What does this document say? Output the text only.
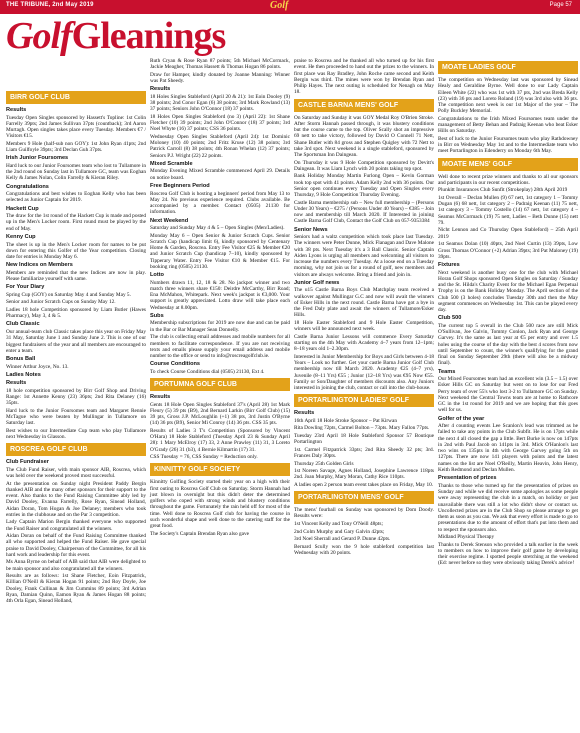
THE TRIBUNE, 2nd May 2019	Golf	Page 57
GolfGleanings
BIRR GOLF CLUB

Results

Tuesday Open Singles sponsored by Hassett's Topline: 1st Colin Farrelly 39pts; 2nd James Sullivan 37pts (countback); 3rd Aaron Murtagh. Open singles takes place every Tuesday. Members €7 / Visitors €15.

Members 9 Hole (half-sub non GOY): 1st John Ryan 41pts; 2nd Liam Guilfoyle 39pts; 3rd Declan Guh 37pts.

Irish Junior Foursomes

Hard luck to our Junior Foursomes team who lost to Tullamore in the 2nd round on Sunday last in Tullamore GC, team was Eoghan Kelly & James Nolan, Colin Farrelly & Kieran Riley.

Congratulations

Congratulations and best wishes to Eoghan Kelly who has been selected as Junior Captain for 2019.

Hackett Cup

The draw for the 1st round of the Hackett Cup is made and posted up in the Men's Locker room. First round must be played by the end of May.

Kenny Cup

The sheet is up in the Men's Locker room for names to be put down for entering this Golfer of the Year competition. Closing date for entries is Monday May 6.

New Indices on Members

Members are reminded that the new Indices are now in play. Please familiarize yourself with same.

For Your Diary

Spring Cup (GOY) on Saturday May 4 and Sunday May 5.

Senior and Junior Scratch Cups on Sunday May 12.

Ladies 18 hole Competition sponsored by Liam Butler (Hawes Pharmacy), May 3, 4 & 5.

Club Classic

Our annual-team club Classic takes place this year on Friday May 31 May, Saturday June 1 and Sunday June 2. This is one of our biggest fundraisers of the year and all members are encouraged to enter a team.

Bonus Ball

Winner Arthur Joyce, No. 13.

Ladies Notes

Results

18 hole competition sponsored by Birr Golf Shop and Driving Range: 1st Annette Kenny (23) 36pts; 2nd Rita Delaney (16) 35pts.

Hard luck to the Junior Foursomes team and Margaret Rennie McTague who were beaten by Mullingar in Tullamore on Saturday last.

Best wishes to our Intermediate Cup team who play Tullamore next Wednesday in Glasson.

ROSCREA GOLF CLUB

Club Fundraiser

The Club Fund Raiser, with main sponsor AIB, Roscrea, which was held over the weekend proved most successful.

At the presentation on Sunday night President Paddy Bergin thanked AIB and the many other sponsors for their support to the event. Also thanks to the Fund Raising Committee ably led by David Dooley, Evanna Farrelly, Rose Ryan, Sinead Holland, Aidan Doran, Tom Hogan & Joe Delaney; members who took entries in the clubhouse and on the Par 3 competition.

Lady Captain Marion Bergin thanked everyone who supported the Fund Raiser and congratulated all the winners.

Aidan Doran on behalf of the Fund Raising Committee thanked all who supported and helped the Fund Raiser. He gave special praise to David Dooley, Chairperson of the Committee, for all his hard work and leadership for this event.

Ms Anna Byrne on behalf of AIB said that AIB were delighted to be main sponsor and also congratulated all the winners.

Results are as follows: 1st Shane Fletcher, Eoin Fitzpatrick, Killian O'Neill & Kieran Hogan 91 points; 2nd Roy Doyle, Joe Dooley, Frank Cullinan & Jim Cummins 89 points; 3rd Adrian Ryan, Damian Quinn, Eamon Ryan & James Hogan 88 points; 4th Orla Egan, Sinead Holland,

Ruth Cryan & Rose Ryan 87 points; 5th Michael McCormack, Jackie Meagher, Thomas Hassett & Thomas Hogan 86 points.

Draw for Hamper, kindly donated by Joanne Manning: Winner was Pat Sheedy.

Results

18 Holes Singles Stableford (April 20 & 21): 1st Eoin Dooley (9) 38 points; 2nd Conor Egan (6) 38 points; 3rd Mark Rowland (13) 37 points; Seniors John O'Connor (18) 37 points.

18 Holes Open Singles Stableford (no 3) (April 22): 1st Shane Fletcher (10) 39 points; 2nd John O'Connor (18) 37 points; 3rd Noel Whyte (16) 37 points; CSS 36 points.

Wednesday Open Singles Stableford (April 24): 1st Dominic Moloney (10) 40 points; 2nd Fritz Kruse (12) 38 points; 3rd Patrick Carroll (8) 38 points; 4th Ronan Whelan (12) 37 points; Seniors P.J. Wright (22) 22 points.

Mixed Scramble

Monday Evening Mixed Scramble commenced April 29. Details on notice board.

Free Beginners Period

Roscrea Golf Club is hosting a beginners' period from May 13 to May 24. No previous experience required. Clubs available. Be accompanied by a member. Contact (0505) 21130 for information.

Next Weekend

Saturday and Sunday May 4 & 5 – Open Singles (Men/Ladies).

Monday May 6 – Open Senior & Junior Scratch Cups. Senior Scratch Cup (handicap limit 6), kindly sponsored by Centenary Home & Garden, Roscrea. Entry Fee Visitor €25 & Member €20 and Junior Scratch Cup (handicap 7–10), kindly sponsored by Tipperary Water. Entry Fee Visitor €10 & Member €15. For booking ring (0505) 21130.

Lotto

Numbers drawn 11, 12, 18 & 28. No jackpot winner and two match three winners share €150: Deirdre McCarthy, Birr Road; Ena McMahon, Whitepark. Next week's jackpot is €3,000. Your support is greatly appreciated. Lotto draw will take place each Wednesday at 8.00pm.

Subs

Membership subscriptions for 2019 are now due and can be paid in the Bar or Bar Manager Sean Donnelly.

The club is collecting email addresses and mobile numbers for all members to facilitate correspondence. If you are not receiving texts and emails please supply your email address and mobile number to the office or send to info@roscreagolfclub.ie.

Course Conditions

To check Course Conditions dial (0505) 21130, Ext 4.

PORTUMNA GOLF CLUB

Results

Gents 18 Hole Open Singles Stableford 37's (April 28) 1st Mark Fleury (5) 39 pts (B9), 2nd Bernard Larkin (Birr Golf Club) (15) 39 pts, Gross J.P. McLoughlin (+1) 38 pts, 3rd Justin O'Byrne (14) 36 pts (B9), Senior Mi Conroy (14) 36 pts. CSS 35 pts.

Results of Ladies 3 T's Competition (Sponsored by Vincent O'Hara) 18 Hole Stableford (Tuesday April 23 & Sunday April 28): 1 Mary McElroy (17) 33, 2 Anne Prawley (11) 31, 3 Loreto O'Grady (26) 31 (b3), 4 Bernie Kilmartin (17) 31.

CSS Tuesday = 76, CSS Sunday = Reduction only.

KINNITTY GOLF SOCIETY

Kinnitty Golfing Society started their year on a high with their first outing to Roscrea Golf Club on Saturday. Storm Hannah had just blown in overnight but this didn't deter the determined golfers who coped with strong winds and blustery conditions throughout the game. Fortunately the rain held off for most of the time. Well done to Roscrea Golf club for having the course in such wonderful shape and well done to the catering staff for the great food.

The Society's Captain Brendan Ryan also gave

praise to Roscrea and he thanked all who turned up for his first event. He then proceeded to hand out the prizes to the winners. In first place was Ray Bradley, John Roche came second and Keith Bergin was third. The mines were won by Brendan Ryan and Philip Hayes. The next outing is scheduled for Nenagh on May 18.

CASTLE BARNA MENS' GOLF

On Saturday and Sunday it was GOY Medal Roy O'Brien Stroke. After Storm Hannah passed through, it was blustery conditions but the course came to the top. Oliver Scally shot an impressive 69 nett to take victory, followed by David O Connell 71 Nett, Shane Butler with 84 gross and Stephen Quigley with 72 Nett to take 3rd spot. Next weekend is a single stableford, sponsored by The Sportsman Inn Daingean.

On Thursday it was 9 Hole Competition sponsored by Devitt's Daingean. It was Liam Lynch with 20 points taking top spot.

Bank Holiday Monday Martin Furlong Open – Kevin Gorman took top spot with 41 points. Adam Kelly 2nd with 36 points. Our Senior open continues every Tuesday and Open Singles every Thursday, 9 Hole Competition Thursday Evening.

Castle Barna membership sub – New full membership – (Persons Under 30 Years) – €275 / (Persons Under 40 Years) – €385 – Join now and membership till March 2020. If Interested in joining Castle Barna Golf Club, Contact the Golf Club on 057-9353384

Senior News

Seniors had a waltz competition which took place last Tuesday. The winners were Peter Dunne, Mick Flanagan and Dave Malone with 38 pts. Next Tuesday it's a 3 Ball Classic. Senior Captain Aiden Lyons is urging all members and welcoming all visitors to increase the numbers every Tuesday. At a loose end on a Tuesday morning, why not join us for a round of golf, new members and visitors are always welcome. Bring a friend and join in.

Junior Golf news

The u15 Castle Barna Boys Club Matchplay team received a walkover against Mullingar G.C and now will await the winners of Esker Hills in the next round. Castle Barna have got a bye in the Fred Daly plate and await the winners of Tullamore/Esker Hills.

18 Hole Easter Stableford and 9 Hole Easter Competition, winners will be announced next week.

Castle Barna Junior Lessons will commence Every Saturday starting on the 4th May with Academy 4–7 years from 12–1pm; 8–18 years old 1–2.30pm.

Interested in Junior Membership for Boys and Girls between 4-18 Years – Look no further. Get your castle Barna Junior Golf Club membership now till March 2020. Academy €25 (4–7 yrs), Juvenile (8–11 Yrs) €55 ; Junior (12–18 Yrs) was €95 Now €55. Family or Son/Daughter of members discounts also. Any Juniors interested in joining the club, contact or call into the club-house.

PORTARLINGTON LADIES' GOLF

Results

16th April 18 Hole Stroke Sponsor – Pat Kirwan

Rita Dowling 72pts, Carmel Bolton – 73pts. Mary Fallon 77pts.

Tuesday 23rd April 18 Hole Stableford Sponsor 57 Boutique Portarlington

1st. Carmel Fitzpatrick 33pts; 2nd Rita Sheedy 32 pts; 3rd. Frances Daly 30pts.

Thursday 25th Golden Girls

1st Noreen Savage, Agnes Holland, Josephine Lawrence 118pts 2nd. Joan Murphy, Mary Moran, Cathy Rice 110pts.

A ladies open 2 person team event takes place on Friday, May 10.

PORTARLINGTON MENS' GOLF

The mens' fourball on Sunday was sponsored by Dom Doody. Results were:

1st Vincent Kelly and Tony O'Neill 48pts;

2nd Colm Murphy and Gary Galvin 42pts;

3rd Noel Sherrall and Gerard P. Dunne 42pts.

Bernard Scully won the 9 hole stableford competition last Wednesday with 20 points.

MOATE LADIES GOLF

The competition on Wednesday last was sponsored by Sinead Healy and Geraldine Byrne. Well done to our Lady Captain Eileen White (22) who was 1st with 37 pts, 2nd was Breda Kelly (23) with 36 pts and Loreto Roland (19) was 3rd also with 36 pts. The competition next week is our 1st Major of the year – The Polly Buckley Memorial.

Congratulations to the Irish Mixed Foursomes team under the management of Betty Behan and Padraig Keenan who beat Esker Hills on Saturday.

Best of luck to the Junior Foursomes team who play Rathdowney in Birr on Wednesday May 1st and to the Intermediate team who meet Portarlington in Edenderry on Monday 6th May.

MOATE MENS' GOLF

Well done to recent prize winners and thanks to all our sponsors and participants in our recent competitions.

Plunkitt Insurances Club Sunfit (Strokeplay) 28th April 2019

1st Overall – Declan Mullen (9) 67 nett, 1st category 1 – Tommy Dugan (6) 68 nett, 1st category 2 – Padraig Keenan (11) 75 nett, 1st category 3 – Tommy Costello (14) 67 nett, 1st category 4 – Seamus McCormack (19) 75 nett, Ladies – Beth Dunne (15) nett 79.

Nicht Lennon and Co Thursday Open Stableford) – 25th April 2019

1st Seamus Dolan (10) 40pts, 2nd Noel Curtin (13) 39pts, Low Gross Thomas O'Connor (+2) Adrian 39pts; 3rd Pat Maloney (19) 39pts.

Fixtures

Next weekend is another busy one for the club with Michael Horan Golf Shops sponsored Open Singles on Saturday / Sunday and the St. Hilda's Charity Event for the Michael Egan Perpetual Trophy is on the Bank Holiday Monday. The April section of the Club 500 (3 holes) concludes Tuesday 30th and then the May segment commences on Wednesday 1st. This can be played every day.

Club 500

The current top 5 overall in the Club 500 race are still Mick O'Sullivan, Joe Galvin, Tommy Conlon, Jack Ryan and George Garvey. It's the same as last year at €5 per entry and over 1.5 holes using the course of the day with the best 4 scores from now until September to count, the winner's qualifying for the grand final on Sunday September 29th (there will also be a midway final).

Teams

Our Mixed Foursomes team had an excellent win (3.5 – 1.5) over Esker Hills GC on Saturday but went on to lose for our Fred Perry team of over 55's who lost 3-2 to Tullamore GC on Sunday. Next weekend the Central Towns team are at home to Rathcore GC in the 1st round for 2019 and we are hoping that this goes well for us.

Golfer of the year

After 4 counting events Lee Scanlon's lead was trimmed as he failed to take any points in the Club Subfit. He is on 17pts while the next 4 all closed the gap a little. Bert Burke is now on 147pts in 2nd with Paul Jacob on 141pts in 3rd. Mick O'Hanlon's last two wins on 135pts in 4th with George Garvey going 5th on 127pts. There are now 141 players with points and the latest names on the list are Noel O'Reilly, Martin Heavin, John Henry, Keith Redmond and Declan Mullen.

Presentation of prizes

Thanks to those who turned up for the presentation of prizes on Sunday and while we did receive some apologies as some people were away representing the club in a match, on holiday or just unavailable there was still a lot who didn't show or contact us. Uncollected prizes are in the Club Shop so please arrange to get them as soon as you can. We ask that every effort is made to go to presentations due to the amount of effort that's put into them and to respect the sponsors also.

Midland Physical Therapy

Thanks to Derek Stenson who provided a talk earlier in the week to members on how to improve their golf game by developing their exercise regime. I spotted people stretching at the weekend (Ed: never before so they were obviously taking Derek's advice!
